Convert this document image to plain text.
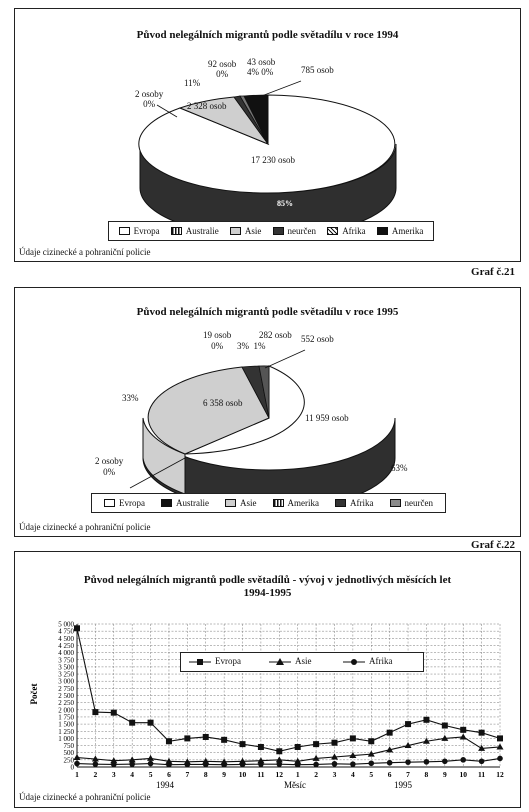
Původ nelegálních migrantů podle světadílu v roce 1994
2 osoby
0%
11%
2 328 osob
92 osob
0%
43 osob
4% 0%	785 osob
17 230 osob
85%
Evropa	Australie	Asie	neurčen	Afrika	Amerika
Údaje cizinecké a pohraniční policie
Graf č.21
Původ nelegálních migrantů podle světadílu v roce 1995
19 osob
0%
282 osob
3% 1%
552 osob
33%	6 358 osob
11 959 osob
63%
2 osoby
0%
Evropa	Australie	Asie	Amerika	Afrika	neurčen
Údaje cizinecké a pohraniční policie
Graf č.22
Původ nelegálních migrantů podle světadílů - vývoj v jednotlivých měsících let
1994-1995
0
250
500
750
1 000
1 250
1 500
1 750
2 000
2 250
2 500
2 750
3 000
3 250
3 500
3 750
4 000
4 250
4 500
4 750
5 000
1 2 3 4 5 6 7 8 9 10 11 12 1 2 3 4 5 6 7 8 9 10 11 12
Počet
Měsíc
1994	1995
Evropa	Asie	Afrika
Údaje cizinecké a pohraniční policie
